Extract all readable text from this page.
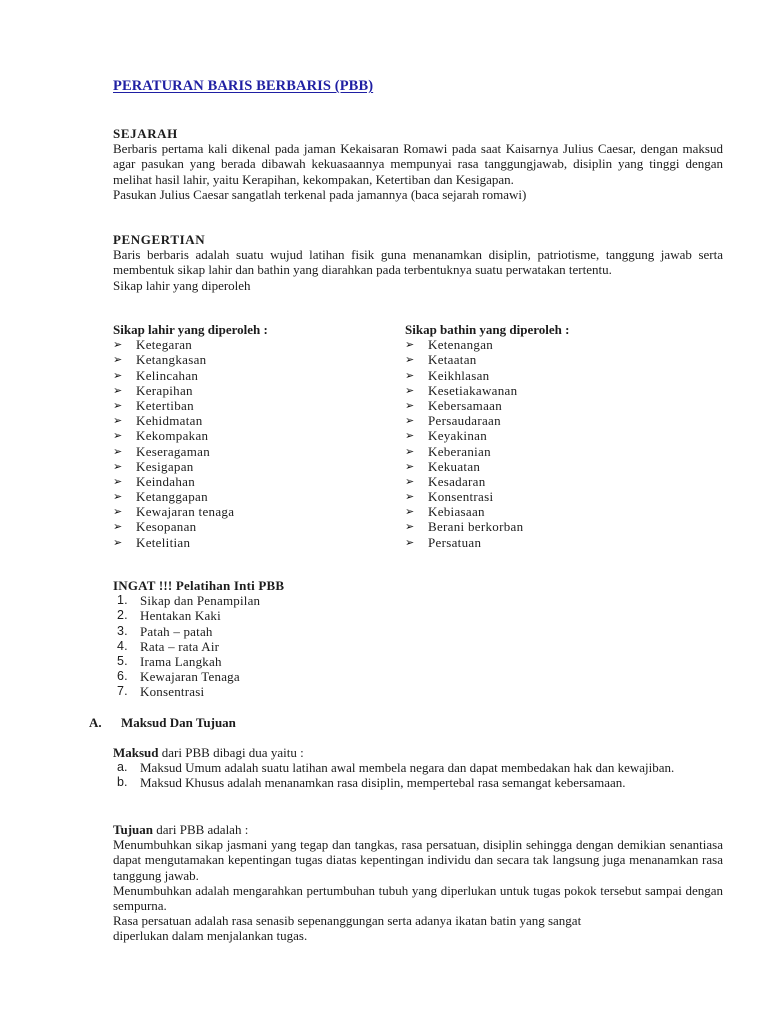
PERATURAN BARIS BERBARIS (PBB)
SEJARAH

Berbaris pertama kali dikenal pada jaman Kekaisaran Romawi pada saat Kaisarnya Julius Caesar, dengan maksud agar pasukan yang berada dibawah kekuasaannya mempunyai rasa tanggungjawab, disiplin yang tinggi dengan melihat hasil lahir, yaitu Kerapihan, kekompakan, Ketertiban dan Kesigapan.

Pasukan Julius Caesar sangatlah terkenal pada jamannya (baca sejarah romawi)

PENGERTIAN

Baris berbaris adalah suatu wujud latihan fisik guna menanamkan disiplin, patriotisme, tanggung jawab serta membentuk sikap lahir dan bathin yang diarahkan pada terbentuknya suatu perwatakan tertentu.

Sikap lahir yang diperoleh

Sikap lahir yang diperoleh :
➢ Ketegaran
➢ Ketangkasan
➢ Kelincahan
➢ Kerapihan
➢ Ketertiban
➢ Kehidmatan
➢ Kekompakan
➢ Keseragaman
➢ Kesigapan
➢ Keindahan
➢ Ketanggapan
➢ Kewajaran tenaga
➢ Kesopanan
➢ Ketelitian
Sikap bathin yang diperoleh :
➢ Ketenangan
➢ Ketaatan
➢ Keikhlasan
➢ Kesetiakawanan
➢ Kebersamaan
➢ Persaudaraan
➢ Keyakinan
➢ Keberanian
➢ Kekuatan
➢ Kesadaran
➢ Konsentrasi
➢ Kebiasaan
➢ Berani berkorban
➢ Persatuan
INGAT !!! Pelatihan Inti PBB
1. Sikap dan Penampilan
2. Hentakan Kaki
3. Patah – patah
4. Rata – rata Air
5. Irama Langkah
6. Kewajaran Tenaga
7. Konsentrasi
A. Maksud Dan Tujuan

Maksud dari PBB dibagi dua yaitu :

a. Maksud Umum adalah suatu latihan awal membela negara dan dapat membedakan hak dan kewajiban.
b. Maksud Khusus adalah menanamkan rasa disiplin, mempertebal rasa semangat kebersamaan.

Tujuan dari PBB adalah :

Menumbuhkan sikap jasmani yang tegap dan tangkas, rasa persatuan, disiplin sehingga dengan demikian senantiasa dapat mengutamakan kepentingan tugas diatas kepentingan individu dan secara tak langsung juga menanamkan rasa tanggung jawab.

Menumbuhkan adalah mengarahkan pertumbuhan tubuh yang diperlukan untuk tugas pokok tersebut sampai dengan sempurna.

Rasa persatuan adalah rasa senasib sepenanggungan serta adanya ikatan batin yang sangat

diperlukan dalam menjalankan tugas.
